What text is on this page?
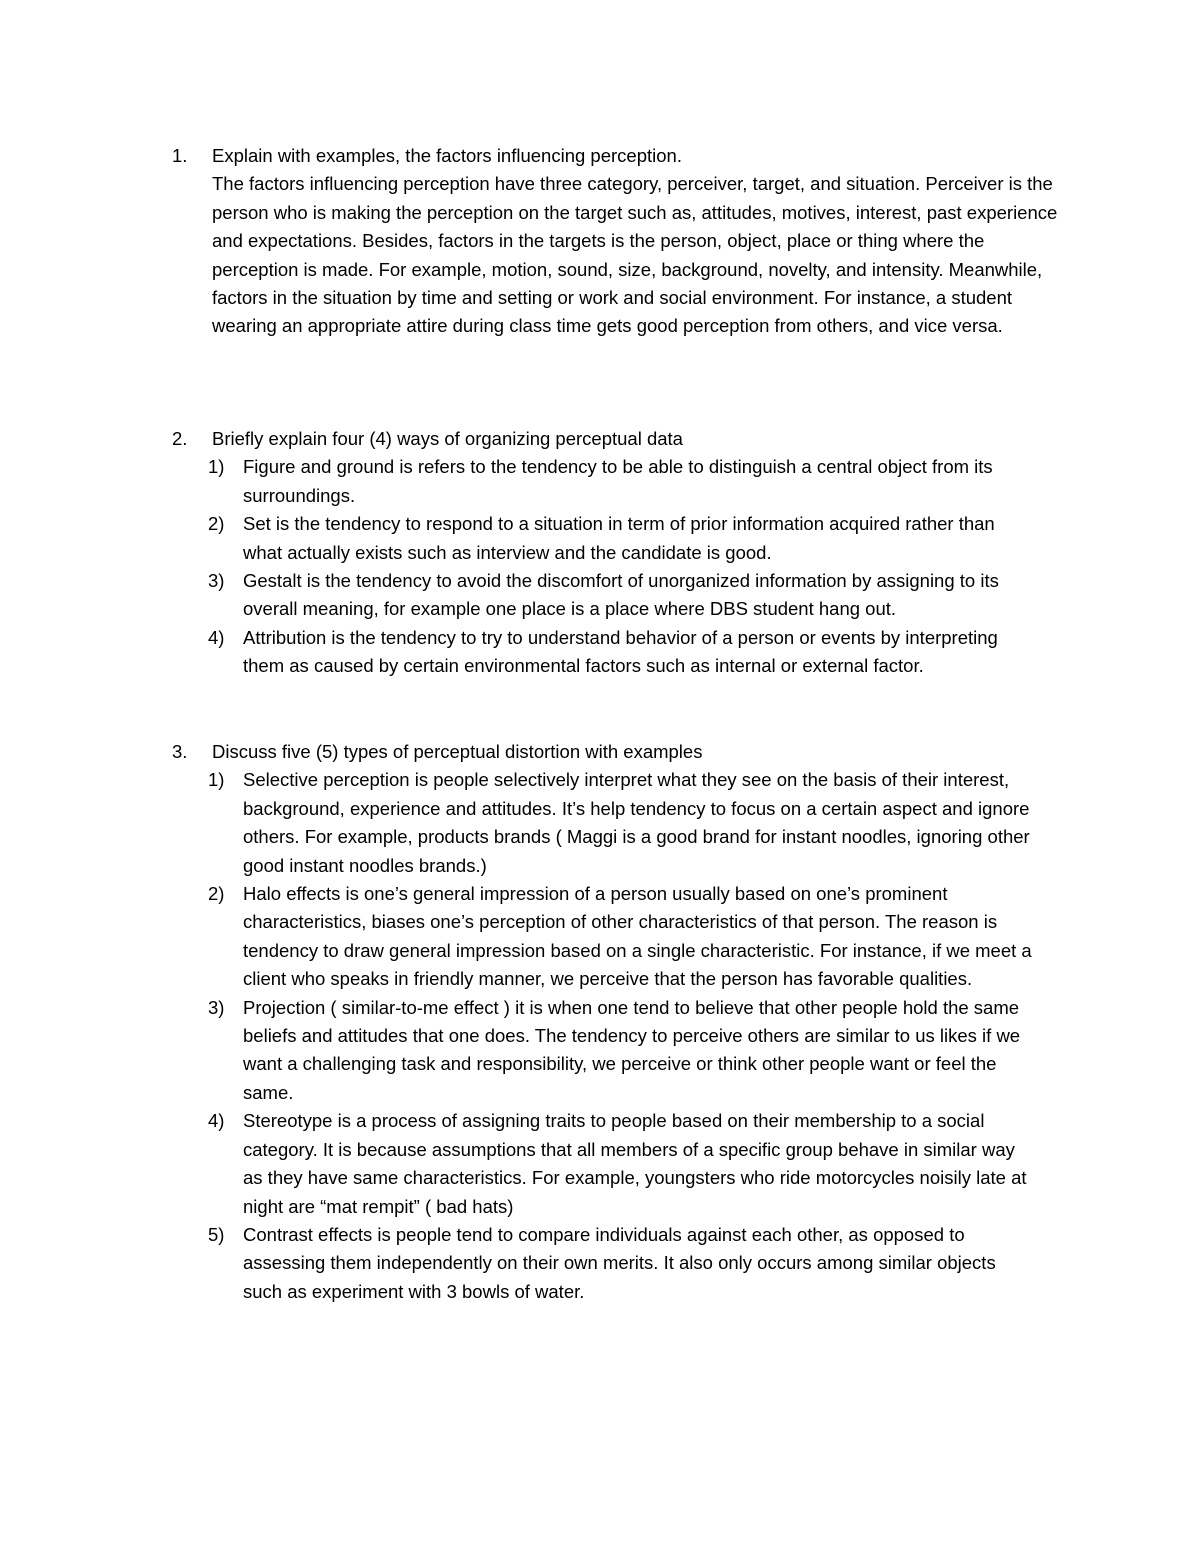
1.	Explain with examples, the factors influencing perception.
The factors influencing perception have three category, perceiver, target, and situation. Perceiver is the person who is making the perception on the target such as, attitudes, motives, interest, past experience and expectations. Besides, factors in the targets is the person, object, place or thing where the perception is made. For example, motion, sound, size, background, novelty, and intensity. Meanwhile, factors in the situation by time and setting or work and social environment. For instance, a student wearing an appropriate attire during class time gets good perception from others, and vice versa.
2.	Briefly explain four (4) ways of organizing perceptual data
1)	Figure and ground is refers to the tendency to be able to distinguish a central object from its surroundings.
2)	Set is the tendency to respond to a situation in term of prior information acquired rather than what actually exists such as interview and the candidate is good.
3)	Gestalt is the tendency to avoid the discomfort of unorganized information by assigning to its overall meaning, for example one place is a place where DBS student hang out.
4)	Attribution is the tendency to try to understand behavior of a person or events by interpreting them as caused by certain environmental factors such as internal or external factor.
3.	Discuss five (5) types of perceptual distortion with examples
1)	Selective perception is people selectively interpret what they see on the basis of their interest, background, experience and attitudes. It’s help tendency to focus on a certain aspect and ignore others. For example, products brands ( Maggi is a good brand for instant noodles, ignoring other good instant noodles brands.)
2)	Halo effects is one’s general impression of a person usually based on one’s prominent characteristics, biases one’s perception of other characteristics of that person. The reason is tendency to draw general impression based on a single characteristic. For instance, if we meet a client who speaks in friendly manner, we perceive that the person has favorable qualities.
3)	Projection ( similar-to-me effect ) it is when one tend to believe that other people hold the same beliefs and attitudes that one does. The tendency to perceive others are similar to us likes if we want a challenging task and responsibility, we perceive or think other people want or feel the same.
4)	Stereotype is a process of assigning traits to people based on their membership to a social category. It is because assumptions that all members of a specific group behave in similar way as they have same characteristics. For example, youngsters who ride motorcycles noisily late at night are “mat rempit” ( bad hats)
5)	Contrast effects is people tend to compare individuals against each other, as opposed to assessing them independently on their own merits. It also only occurs among similar objects such as experiment with 3 bowls of water.
